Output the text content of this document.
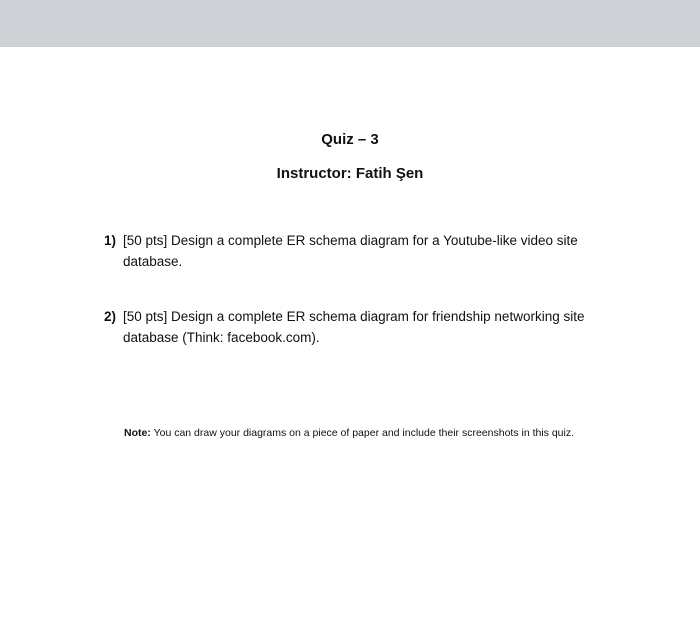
Quiz – 3
Instructor: Fatih Şen
1) [50 pts] Design a complete ER schema diagram for a Youtube-like video site database.
2) [50 pts] Design a complete ER schema diagram for friendship networking site database (Think: facebook.com).
Note: You can draw your diagrams on a piece of paper and include their screenshots in this quiz.
